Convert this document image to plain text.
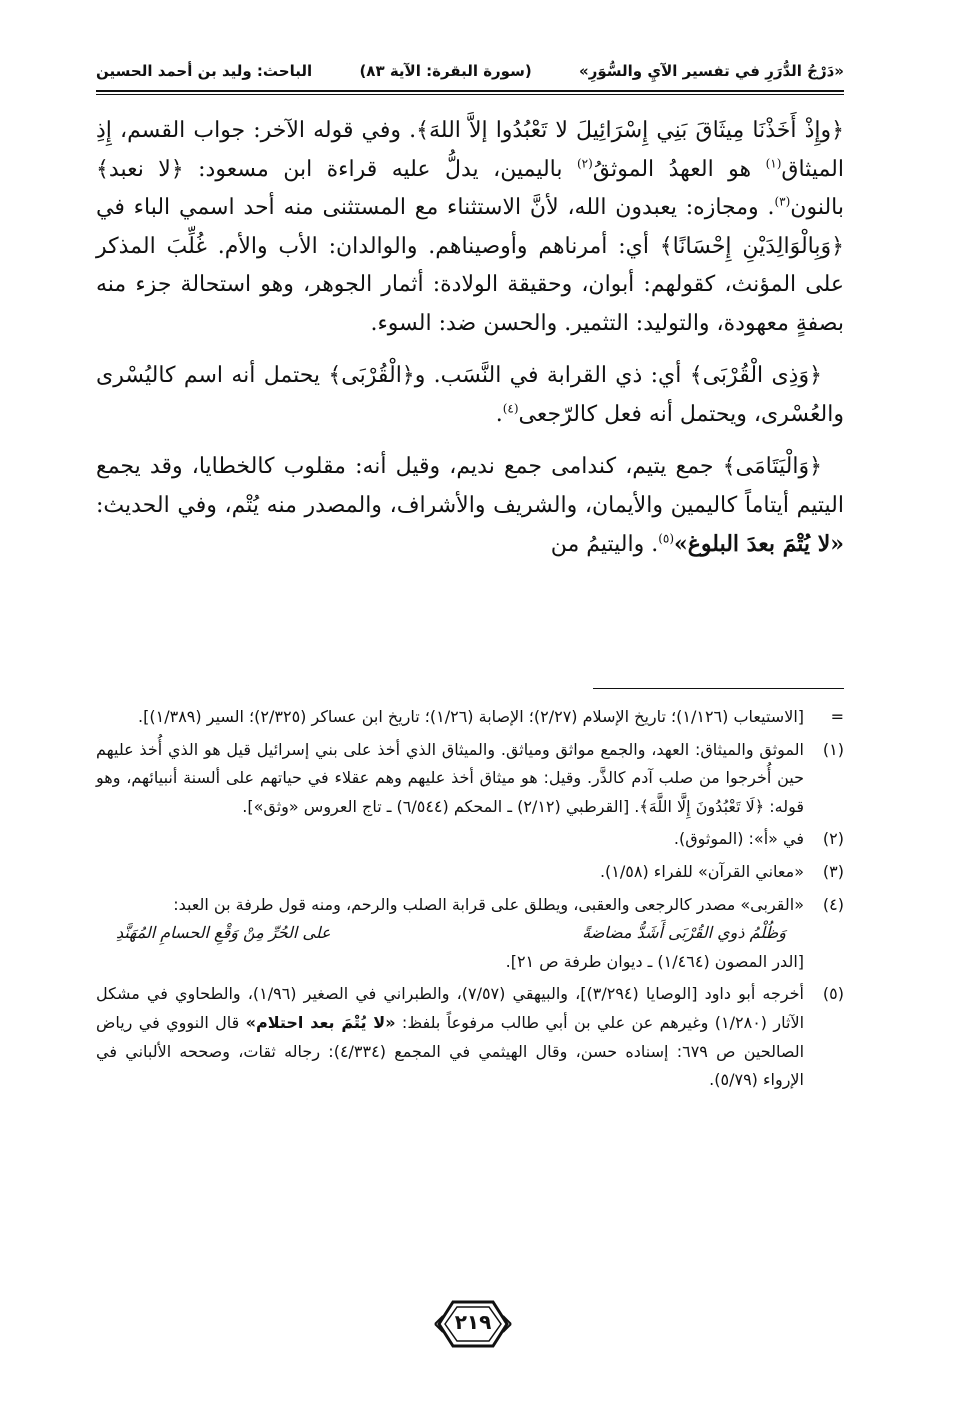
الباحث: وليد بن أحمد الحسين	(سورة البقرة: الآية ٨٣)	«دَرْجُ الدُّرَرِ في تفسير الآيِ والسُّوَرِ»

﴿وإِذْ أَخَذْنَا مِيثَاقَ بَنِي إِسْرَائِيلَ لا تَعْبُدُوا إلاَّ اللهَ﴾. وفي قوله الآخر: جواب القسم، إِذِ الميثاق$^{(١)}$ هو العهدُ الموثقُ$^{(٢)}$ باليمين، يدلُّ عليه قراءة ابن مسعود: ﴿لا نعبد﴾ بالنون$^{(٣)}$. ومجازه: يعبدون الله، لأنَّ الاستثناء مع المستثنى منه أحد اسمي الباء في ﴿وَبِالْوَالِدَيْنِ إِحْسَانًا﴾ أي: أمرناهم وأوصيناهم. والوالدان: الأب والأم. غُلِّبَ المذكر على المؤنث، كقولهم: أبوان، وحقيقة الولادة: أثمار الجوهر، وهو استحالة جزء منه بصفةٍ معهودة، والتوليد: التثمير. والحسن ضد: السوء.

﴿وَذِى الْقُرْبَى﴾ أي: ذي القرابة في النَّسَب. و﴿الْقُرْبَى﴾ يحتمل أنه اسم كاليُسْرى والعُسْرى، ويحتمل أنه فعل كالرّجعى$^{(٤)}$.

﴿وَالْيَتَامَى﴾ جمع يتيم، كندامى جمع نديم، وقيل أنه: مقلوب كالخطايا، وقد يجمع اليتيم أيتاماً كاليمين والأيمان، والشريف والأشراف، والمصدر منه يُتْم، وفي الحديث: «لا يُتْمَ بعدَ البلوغ»$^{(٥)}$. واليتيمُ من

=
[الاستيعاب (١/١٢٦)؛ تاريخ الإسلام (٢/٢٧)؛ الإصابة (١/٢٦)؛ تاريخ ابن عساكر (٢/٣٢٥)؛ السير (١/٣٨٩)].
(١)
الموثق والميثاق: العهد، والجمع مواثق ومياثق. والميثاق الذي أخذ على بني إسرائيل قيل هو الذي أُخذ عليهم حين أُخرجوا من صلب آدم كالذَّر. وقيل: هو ميثاق أخذ عليهم وهم عقلاء في حياتهم على ألسنة أنبيائهم، وهو قوله: ﴿لَا تَعْبُدُونَ إِلَّا اللَّهَ﴾. [القرطبي (٢/١٢) ـ المحكم (٦/٥٤٤) ـ تاج العروس «وثق»].
(٢)
في «أ»: (الموثوق).
(٣)
«معاني القرآن» للفراء (١/٥٨).
(٤)
«القربى» مصدر كالرجعى والعقبى، ويطلق على قرابة الصلب والرحم، ومنه قول طرفة بن العبد:
وَظُلْمُ ذوي القُرْبَى أَشَدُّ مضاضةً
على الحُرِّ مِنْ وَقْعِ الحسامِ المُهَنَّدِ
[الدر المصون (١/٤٦٤) ـ ديوان طرفة ص ٢١].
(٥)
أخرجه أبو داود [الوصايا (٣/٢٩٤)]، والبيهقي (٧/٥٧)، والطبراني في الصغير (١/٩٦)، والطحاوي في مشكل الآثار (١/٢٨٠) وغيرهم عن علي بن أبي طالب مرفوعاً بلفظ: «لا يُتْمَ بعد احتلام» قال النووي في رياض الصالحين ص ٦٧٩: إسناده حسن، وقال الهيثمي في المجمع (٤/٣٣٤): رجاله ثقات، وصححه الألباني في الإرواء (٥/٧٩).
٢١٩
